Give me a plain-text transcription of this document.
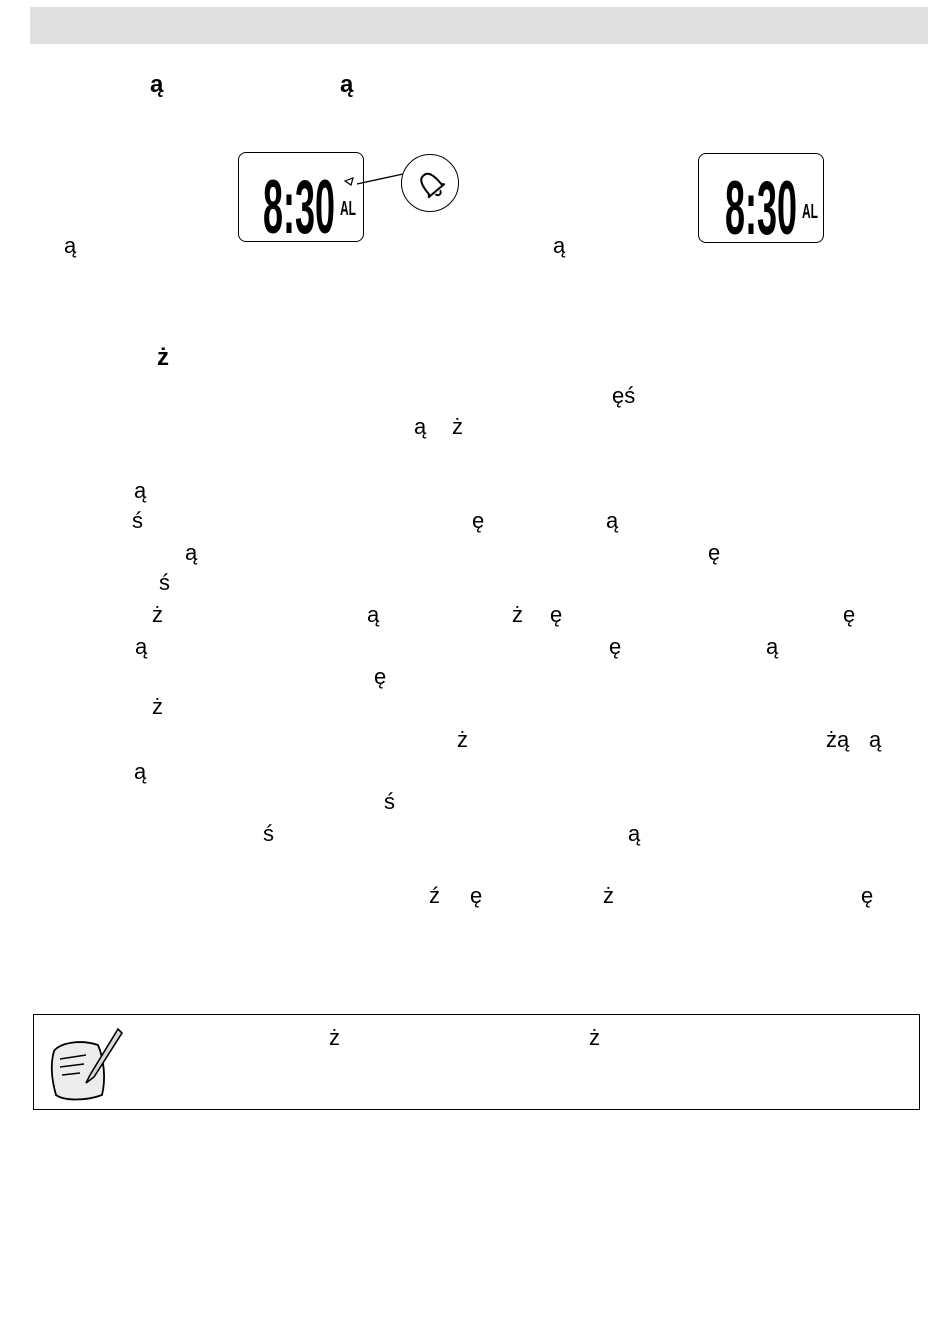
ą	ą
ą	ą
8:30 AL	8:30 AL
ż
ęś
ą ż
ą
ś	ę	ą
ą	ę
ś
ż	ą	ż ę	ę
ą	ę	ą
ę
ż
ż	żą ą
ą
ś
ś	ą
ź ę	ż	ę
ż	ż
